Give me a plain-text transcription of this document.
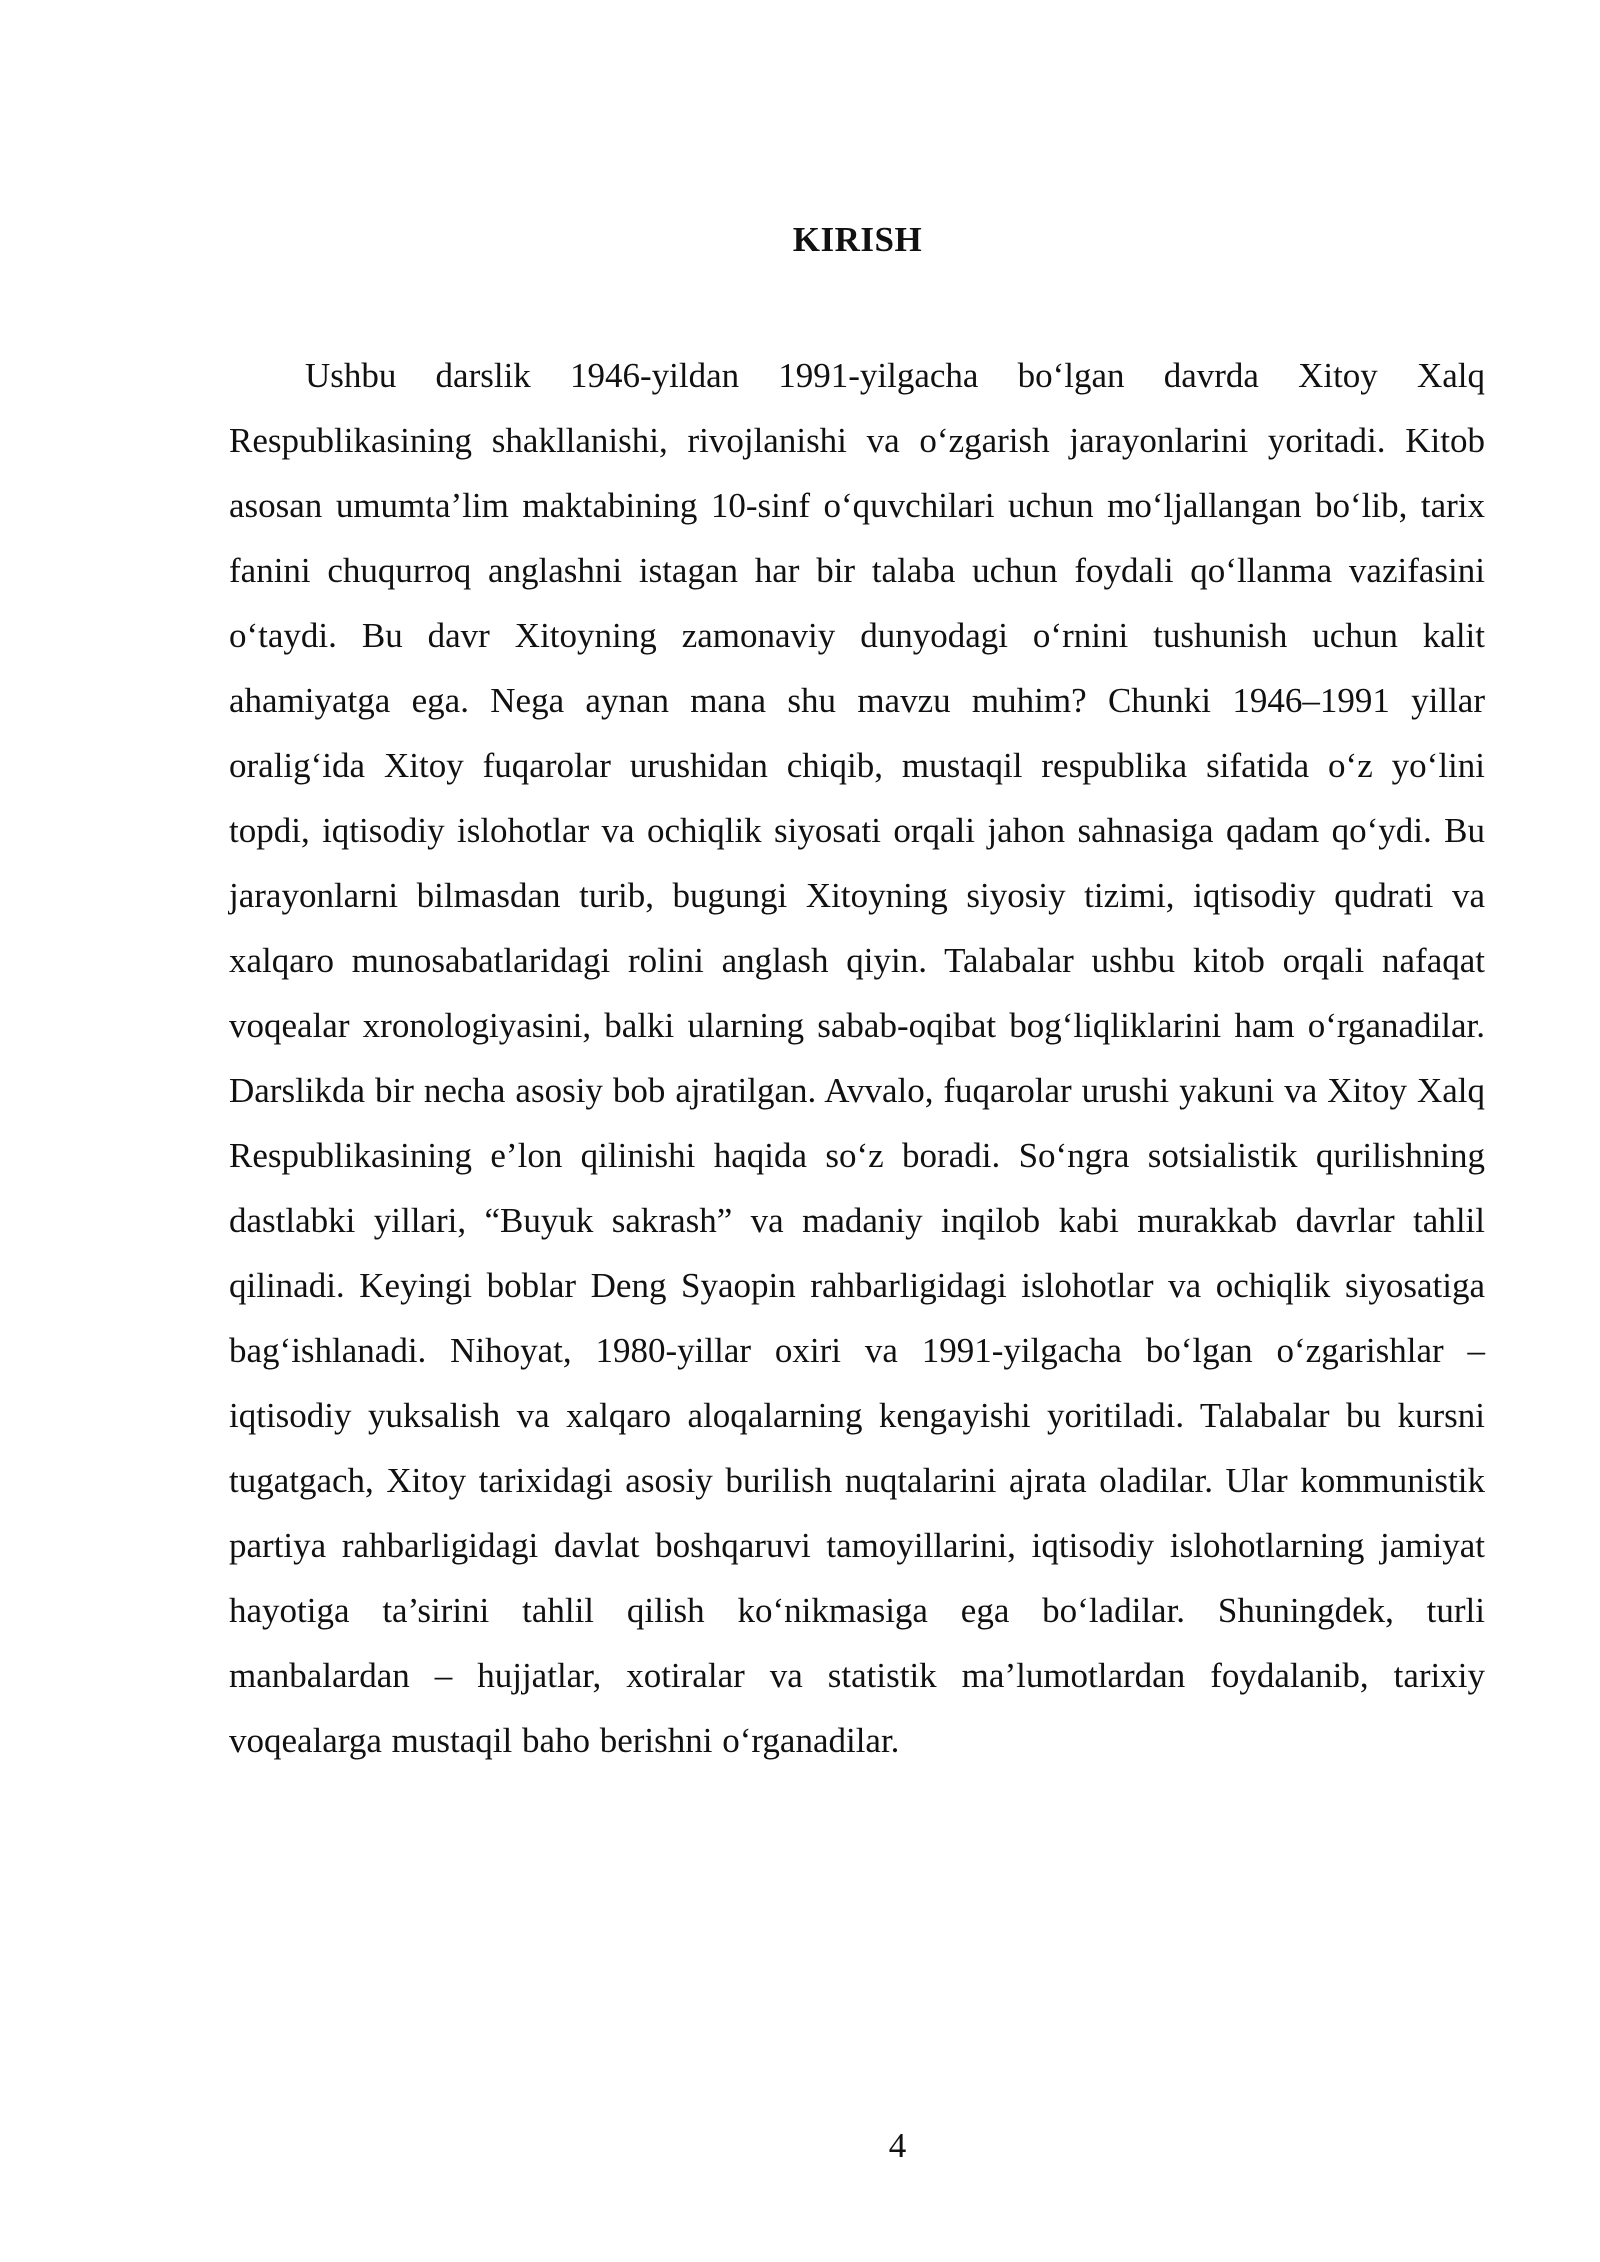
KIRISH

Ushbu darslik 1946-yildan 1991-yilgacha bo‘lgan davrda Xitoy Xalq Respublikasining shakllanishi, rivojlanishi va o‘zgarish jarayonlarini yoritadi. Kitob asosan umumta’lim maktabining 10-sinf o‘quvchilari uchun mo‘ljallangan bo‘lib, tarix fanini chuqurroq anglashni istagan har bir talaba uchun foydali qo‘llanma vazifasini o‘taydi. Bu davr Xitoyning zamonaviy dunyodagi o‘rnini tushunish uchun kalit ahamiyatga ega. Nega aynan mana shu mavzu muhim? Chunki 1946–1991 yillar oralig‘ida Xitoy fuqarolar urushidan chiqib, mustaqil respublika sifatida o‘z yo‘lini topdi, iqtisodiy islohotlar va ochiqlik siyosati orqali jahon sahnasiga qadam qo‘ydi. Bu jarayonlarni bilmasdan turib, bugungi Xitoyning siyosiy tizimi, iqtisodiy qudrati va xalqaro munosabatlaridagi rolini anglash qiyin. Talabalar ushbu kitob orqali nafaqat voqealar xronologiyasini, balki ularning sabab-oqibat bog‘liqliklarini ham o‘rganadilar. Darslikda bir necha asosiy bob ajratilgan. Avvalo, fuqarolar urushi yakuni va Xitoy Xalq Respublikasining e’lon qilinishi haqida so‘z boradi. So‘ngra sotsialistik qurilishning dastlabki yillari, “Buyuk sakrash” va madaniy inqilob kabi murakkab davrlar tahlil qilinadi. Keyingi boblar Deng Syaopin rahbarligidagi islohotlar va ochiqlik siyosatiga bag‘ishlanadi. Nihoyat, 1980-yillar oxiri va 1991-yilgacha bo‘lgan o‘zgarishlar – iqtisodiy yuksalish va xalqaro aloqalarning kengayishi yoritiladi. Talabalar bu kursni tugatgach, Xitoy tarixidagi asosiy burilish nuqtalarini ajrata oladilar. Ular kommunistik partiya rahbarligidagi davlat boshqaruvi tamoyillarini, iqtisodiy islohotlarning jamiyat hayotiga ta’sirini tahlil qilish ko‘nikmasiga ega bo‘ladilar. Shuningdek, turli manbalardan – hujjatlar, xotiralar va statistik ma’lumotlardan foydalanib, tarixiy voqealarga mustaqil baho berishni o‘rganadilar.

4
